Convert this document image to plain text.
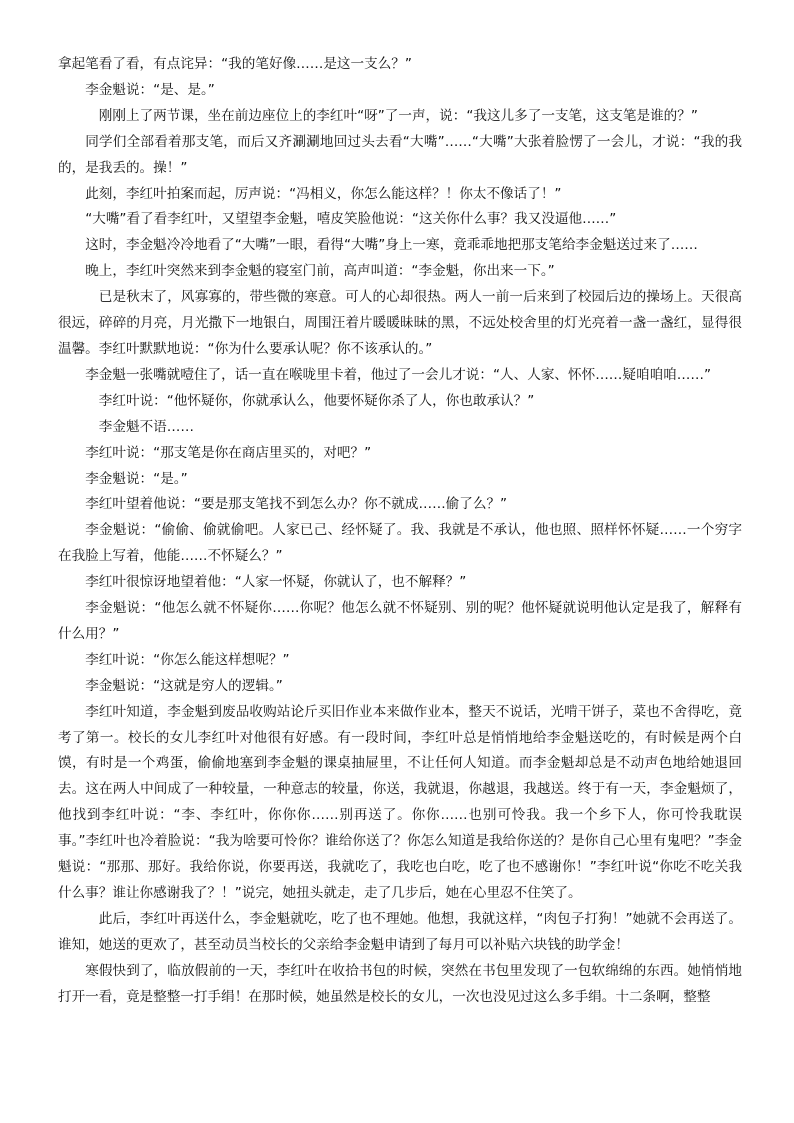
拿起笔看了看，有点诧异：“我的笔好像……是这一支么？”

李金魁说：“是、是。”

刚刚上了两节课，坐在前边座位上的李红叶“呀”了一声，说：“我这儿多了一支笔，这支笔是谁的？”

同学们全部看着那支笔，而后又齐涮涮地回过头去看“大嘴”……“大嘴”大张着脸愣了一会儿，才说：“我的我的，是我丢的。操！”

此刻，李红叶拍案而起，厉声说：“冯相义，你怎么能这样？！你太不像话了！”

“大嘴”看了看李红叶，又望望李金魁，嘻皮笑脸他说：“这关你什么事？我又没逼他……”

这时，李金魁冷冷地看了“大嘴”一眼，看得“大嘴”身上一寒，竟乖乖地把那支笔给李金魁送过来了……

晚上，李红叶突然来到李金魁的寝室门前，高声叫道：“李金魁，你出来一下。”

已是秋末了，风寡寡的，带些微的寒意。可人的心却很热。两人一前一后来到了校园后边的操场上。天很高很远，碎碎的月亮，月光撒下一地银白，周围汪着片暖暖昧昧的黑，不远处校舍里的灯光亮着一盏一盏红，显得很温馨。李红叶默默地说：“你为什么要承认呢？你不该承认的。”

李金魁一张嘴就噎住了，话一直在喉咙里卡着，他过了一会儿才说：“人、人家、怀怀……疑咱咱咱……”

李红叶说：“他怀疑你，你就承认么，他要怀疑你杀了人，你也敢承认？”

李金魁不语……

李红叶说：“那支笔是你在商店里买的，对吧？”

李金魁说：“是。”

李红叶望着他说：“要是那支笔找不到怎么办？你不就成……偷了么？”

李金魁说：“偷偷、偷就偷吧。人家已己、经怀疑了。我、我就是不承认，他也照、照样怀怀疑……一个穷字在我脸上写着，他能……不怀疑么？”

李红叶很惊讶地望着他：“人家一怀疑，你就认了，也不解释？”

李金魁说：“他怎么就不怀疑你……你呢？他怎么就不怀疑别、别的呢？他怀疑就说明他认定是我了，解释有什么用？”

李红叶说：“你怎么能这样想呢？”

李金魁说：“这就是穷人的逻辑。”

李红叶知道，李金魁到废品收购站论斤买旧作业本来做作业本，整天不说话，光啃干饼子，菜也不舍得吃，竟考了第一。校长的女儿李红叶对他很有好感。有一段时间，李红叶总是悄悄地给李金魁送吃的，有时候是两个白馍，有时是一个鸡蛋，偷偷地塞到李金魁的课桌抽屉里，不让任何人知道。而李金魁却总是不动声色地给她退回去。这在两人中间成了一种较量，一种意志的较量，你送，我就退，你越退，我越送。终于有一天，李金魁烦了，他找到李红叶说：“李、李红叶，你你你……别再送了。你你……也别可怜我。我一个乡下人，你可怜我耽误事。”李红叶也冷着脸说：“我为啥要可怜你？谁给你送了？你怎么知道是我给你送的？是你自己心里有鬼吧？”李金魁说：“那那、那好。我给你说，你要再送，我就吃了，我吃也白吃，吃了也不感谢你！”李红叶说“你吃不吃关我什么事？谁让你感谢我了？！”说完，她扭头就走，走了几步后，她在心里忍不住笑了。

此后，李红叶再送什么，李金魁就吃，吃了也不理她。他想，我就这样，“肉包子打狗！”她就不会再送了。谁知，她送的更欢了，甚至动员当校长的父亲给李金魁申请到了每月可以补贴六块钱的助学金！

寒假快到了，临放假前的一天，李红叶在收拾书包的时候，突然在书包里发现了一包软绵绵的东西。她悄悄地打开一看，竟是整整一打手绢！在那时候，她虽然是校长的女儿，一次也没见过这么多手绢。十二条啊，整整
